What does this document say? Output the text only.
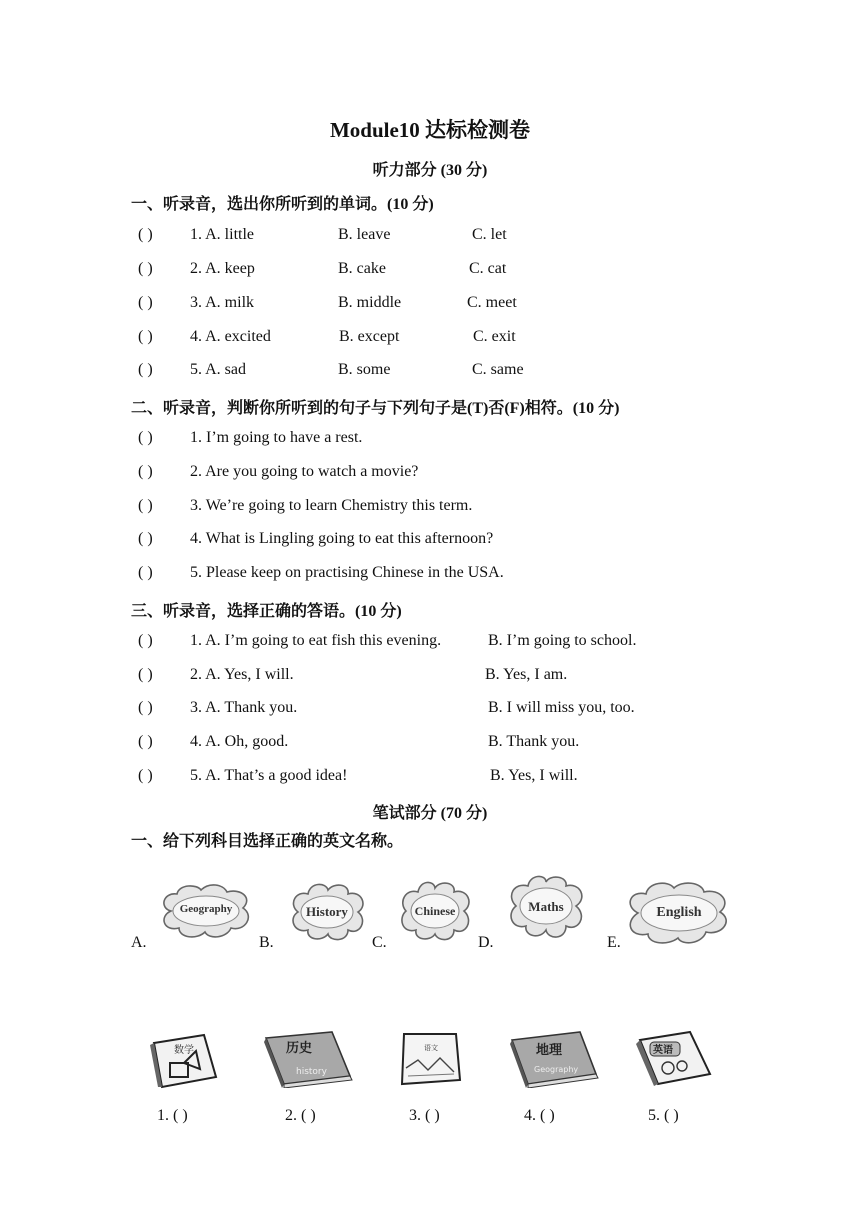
Module10 达标检测卷
听力部分 (30 分)
一、听录音，选出你所听到的单词。(10 分)
( ) 1. A. little	B. leave	C. let
( ) 2. A. keep	B. cake	C. cat
( ) 3. A. milk	B. middle	C. meet
( ) 4. A. excited	B. except	C. exit
( ) 5. A. sad	B. some	C. same
二、听录音，判断你所听到的句子与下列句子是(T)否(F)相符。(10 分)
( ) 1. I’m going to have a rest.
( ) 2. Are you going to watch a movie?
( ) 3. We’re going to learn Chemistry this term.
( ) 4. What is Lingling going to eat this afternoon?
( ) 5. Please keep on practising Chinese in the USA.
三、听录音，选择正确的答语。(10 分)
( ) 1. A. I’m going to eat fish this evening.	B. I’m going to school.
( ) 2. A. Yes, I will.	B. Yes, I am.
( ) 3. A. Thank you.	B. I will miss you, too.
( ) 4. A. Oh, good.	B. Thank you.
( ) 5. A. That’s a good idea!	B. Yes, I will.
笔试部分 (70 分)
一、给下列科目选择正确的英文名称。
A.
Geography
B.
History
C.
Chinese
D.
Maths
E.
English
数学	历史
history
语文	地理
Geography
英语
1. ( )	2. ( )	3. ( )	4. ( )	5. ( )
